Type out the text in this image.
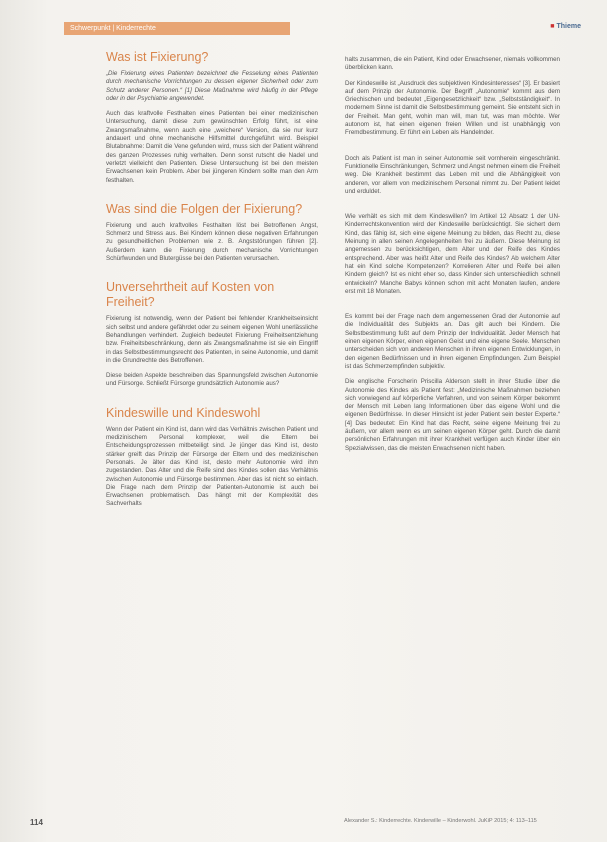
Schwerpunkt | Kinderrechte	■ Thieme
Was ist Fixierung?

„Die Fixierung eines Patienten bezeichnet die Fesselung eines Patienten durch mechanische Vorrichtungen zu dessen eigener Sicherheit oder zum Schutz anderer Personen.“ [1] Diese Maßnahme wird häufig in der Pflege oder in der Psychiatrie angewendet.

Auch das kraftvolle Festhalten eines Patienten bei einer medizinischen Untersuchung, damit diese zum gewünschten Erfolg führt, ist eine Zwangsmaßnahme, wenn auch eine „weichere“ Version, da sie nur kurz andauert und ohne mechanische Hilfsmittel durchgeführt wird. Beispiel Blutabnahme: Damit die Vene gefunden wird, muss sich der Patient während des ganzen Prozesses ruhig verhalten. Denn sonst rutscht die Nadel und verletzt vielleicht den Patienten. Diese Untersuchung ist bei den meisten Erwachsenen kein Problem. Aber bei jüngeren Kindern sollte man den Arm festhalten.

Was sind die Folgen der Fixierung?

Fixierung und auch kraftvolles Festhalten löst bei Betroffenen Angst, Schmerz und Stress aus. Bei Kindern können diese negativen Erfahrungen zu gesundheitlichen Problemen wie z. B. Angststörungen führen [2]. Außerdem kann die Fixierung durch mechanische Vorrichtungen Schürfwunden und Blutergüsse bei den Patienten verursachen.

Unversehrtheit auf Kosten von Freiheit?

Fixierung ist notwendig, wenn der Patient bei fehlender Krankheitseinsicht sich selbst und andere gefährdet oder zu seinem eigenen Wohl unerlässliche Behandlungen verhindert. Zugleich bedeutet Fixierung Freiheitsentziehung bzw. Freiheitsbeschränkung, denn als Zwangsmaßnahme ist sie ein Eingriff in das Selbstbestimmungsrecht des Patienten, in seine Autonomie, und damit in die Grundrechte des Betroffenen.

Diese beiden Aspekte beschreiben das Spannungsfeld zwischen Autonomie und Fürsorge. Schließt Fürsorge grundsätzlich Autonomie aus?

Kindeswille und Kindeswohl

Wenn der Patient ein Kind ist, dann wird das Verhältnis zwischen Patient und medizinischem Personal komplexer, weil die Eltern bei Entscheidungsprozessen mitbeteiligt sind. Je jünger das Kind ist, desto stärker greift das Prinzip der Fürsorge der Eltern und des medizinischen Personals. Je älter das Kind ist, desto mehr Autonomie wird ihm zugestanden. Das Alter und die Reife sind des Kindes sollen das Verhältnis zwischen Autonomie und Fürsorge bestimmen. Aber das ist nicht so einfach. Die Frage nach dem Prinzip der Patienten-Autonomie ist auch bei Erwachsenen problematisch. Das hängt mit der Komplexität des Sachverhalts

halts zusammen, die ein Patient, Kind oder Erwachsener, niemals vollkommen überblicken kann.

Der Kindeswille ist „Ausdruck des subjektiven Kindesinteresses“ [3]. Er basiert auf dem Prinzip der Autonomie. Der Begriff „Autonomie“ kommt aus dem Griechischen und bedeutet „Eigengesetzlichkeit“ bzw. „Selbstständigkeit“. In modernem Sinne ist damit die Selbstbestimmung gemeint. Sie entsteht sich in der Freiheit. Man geht, wohin man will, man tut, was man möchte. Wer autonom ist, hat einen eigenen freien Willen und ist unabhängig von Fremdbestimmung. Er führt ein Leben als Handelnder.

Doch als Patient ist man in seiner Autonomie seit vornherein eingeschränkt. Funktionelle Einschränkungen, Schmerz und Angst nehmen einem die Freiheit weg. Die Krankheit bestimmt das Leben mit und die Abhängigkeit von anderen, vor allem von medizinischem Personal nimmt zu. Der Patient leidet und erduldet.

Wie verhält es sich mit dem Kindeswillen? Im Artikel 12 Absatz 1 der UN-Kinderrechtskonvention wird der Kindeswille berücksichtigt. Sie sichert dem Kind, das fähig ist, sich eine eigene Meinung zu bilden, das Recht zu, diese Meinung in allen seinen Angelegenheiten frei zu äußern. Diese Meinung ist angemessen zu berücksichtigen, dem Alter und der Reife des Kindes entsprechend. Aber was heißt Alter und Reife des Kindes? Ab welchem Alter hat ein Kind solche Kompetenzen? Korrelieren Alter und Reife bei allen Kindern gleich? Ist es nicht eher so, dass Kinder sich unterschiedlich schnell entwickeln? Manche Babys können schon mit acht Monaten laufen, andere erst mit 18 Monaten.

Es kommt bei der Frage nach dem angemessenen Grad der Autonomie auf die Individualität des Subjekts an. Das gilt auch bei Kindern. Die Selbstbestimmung fußt auf dem Prinzip der Individualität. Jeder Mensch hat einen eigenen Körper, einen eigenen Geist und eine eigene Seele. Menschen unterscheiden sich von anderen Menschen in ihren eigenen Entwicklungen, in den eigenen Bedürfnissen und in ihren eigenen Empfindungen. Zum Beispiel ist das Schmerzempfinden subjektiv.

Die englische Forscherin Priscilla Alderson stellt in ihrer Studie über die Autonomie des Kindes als Patient fest: „Medizinische Maßnahmen beziehen sich vorwiegend auf körperliche Verfahren, und von seinem Körper bekommt der Mensch mit Leben lang Informationen über das eigene Wohl und die eigenen Bedürfnisse. In dieser Hinsicht ist jeder Patient sein bester Experte.“ [4] Das bedeutet: Ein Kind hat das Recht, seine eigene Meinung frei zu äußern, vor allem wenn es um seinen eigenen Körper geht. Durch die damit persönlichen Erfahrungen mit ihrer Krankheit verfügen auch Kinder über ein Spezialwissen, das die meisten Erwachsenen nicht haben.

114	Alexander S.: Kinderrechte. Kinderwille – Kinderwohl. JuKiP 2015; 4: 113–115
